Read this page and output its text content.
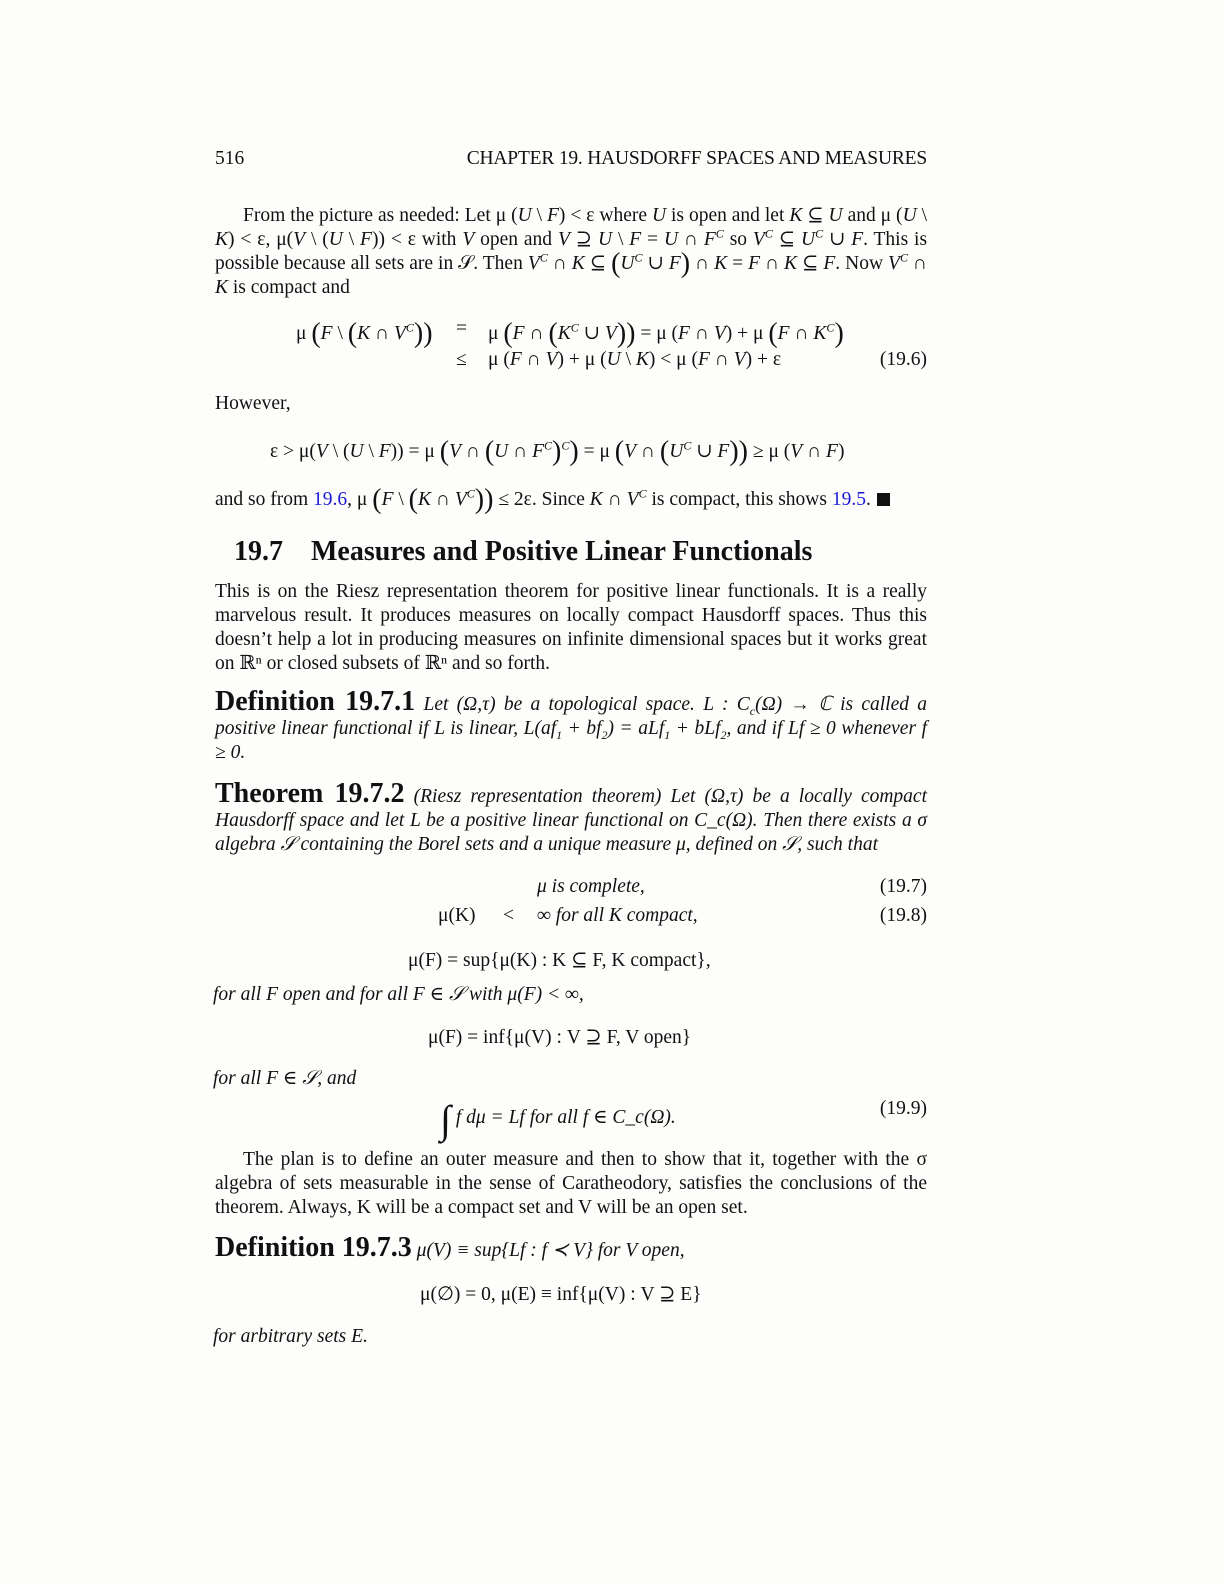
516	CHAPTER 19. HAUSDORFF SPACES AND MEASURES
From the picture as needed: Let μ (U \ F) < ε where U is open and let K ⊆ U and μ (U \ K) < ε, μ(V \ (U \ F)) < ε with V open and V ⊇ U \ F = U ∩ $F^C$ so $V^C$ ⊆ $U^C$ ∪ F. This is possible because all sets are in 𝒮. Then $V^C$ ∩ K ⊆ ($U^C$ ∪ F) ∩ K = F ∩ K ⊆ F. Now $V^C$ ∩ K is compact and
μ (F \ (K ∩ $V^C)) = \mu$ (F ∩ ($K^C$ ∪ V)) = μ (F ∩ V) + μ (F ∩ $K^C$)
≤ μ (F ∩ V) + μ (U \ K) < μ (F ∩ V) + ε	(19.6)
However,
ε > μ(V \ (U \ F)) = μ (V ∩ (U ∩ $F^C)^C) = \mu$ (V ∩ ($U^C$ ∪ F)) ≥ μ (V ∩ F)
and so from 19.6, μ (F \ (K ∩ $V^C)) \le 2\varepsilon$. Since K ∩ $V^C$ is compact, this shows 19.5.
19.7 Measures and Positive Linear Functionals
This is on the Riesz representation theorem for positive linear functionals. It is a really marvelous result. It produces measures on locally compact Hausdorff spaces. Thus this doesn’t help a lot in producing measures on infinite dimensional spaces but it works great on ℝⁿ or closed subsets of ℝⁿ and so forth.
Definition 19.7.1 Let (Ω,τ) be a topological space. L : $C_c(\Omega)$ → ℂ is called a positive linear functional if L is linear, $L(af_1 + bf_2) = aLf_1 + bLf_2$, and if Lf ≥ 0 whenever f ≥ 0.
Theorem 19.7.2 (Riesz representation theorem) Let (Ω,τ) be a locally compact Hausdorff space and let L be a positive linear functional on C_c(Ω). Then there exists a σ algebra 𝒮 containing the Borel sets and a unique measure μ, defined on 𝒮, such that
μ is complete,	(19.7)
μ(K) < ∞ for all K compact,	(19.8)
μ(F) = sup{μ(K) : K ⊆ F, K compact},
for all F open and for all F ∈ 𝒮 with μ(F) < ∞,
μ(F) = inf{μ(V) : V ⊇ F, V open}
for all F ∈ 𝒮, and
∫ f dμ = Lf for all f ∈ C_c(Ω).	(19.9)
The plan is to define an outer measure and then to show that it, together with the σ algebra of sets measurable in the sense of Caratheodory, satisfies the conclusions of the theorem. Always, K will be a compact set and V will be an open set.
Definition 19.7.3 μ(V) ≡ sup{Lf : f ≺ V} for V open,
μ(∅) = 0, μ(E) ≡ inf{μ(V) : V ⊇ E}
for arbitrary sets E.
